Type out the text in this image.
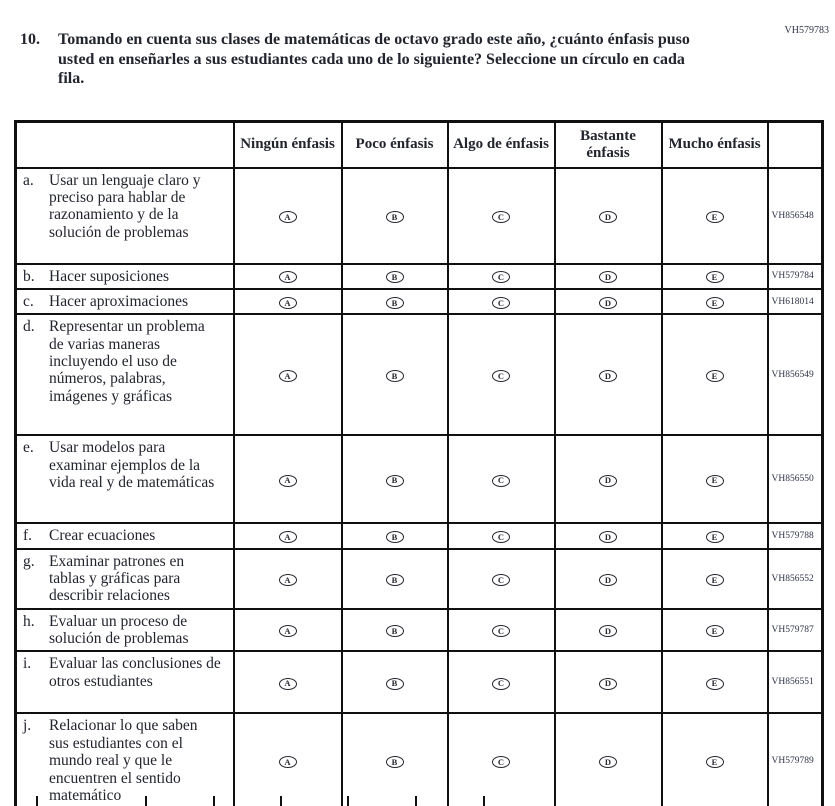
VH579783
10.	Tomando en cuenta sus clases de matemáticas de octavo grado este año, ¿cuánto énfasis puso usted en enseñarles a sus estudiantes cada uno de lo siguiente? Seleccione un círculo en cada fila.
	Ningún énfasis	Poco énfasis	Algo de énfasis	Bastante énfasis	Mucho énfasis	

a. Usar un lenguaje claro y preciso para hablar de razonamiento y de la solución de problemas	A	B	C	D	E	VH856548

b. Hacer suposiciones	A	B	C	D	E	VH579784

c. Hacer aproximaciones	A	B	C	D	E	VH618014

d. Representar un problema de varias maneras incluyendo el uso de números, palabras, imágenes y gráficas	A	B	C	D	E	VH856549

e. Usar modelos para examinar ejemplos de la vida real y de matemáticas	A	B	C	D	E	VH856550

f. Crear ecuaciones	A	B	C	D	E	VH579788

g. Examinar patrones en tablas y gráficas para describir relaciones	A	B	C	D	E	VH856552

h. Evaluar un proceso de solución de problemas	A	B	C	D	E	VH579787

i. Evaluar las conclusiones de otros estudiantes	A	B	C	D	E	VH856551

j. Relacionar lo que saben sus estudiantes con el mundo real y que le encuentren el sentido matemático	A	B	C	D	E	VH579789
